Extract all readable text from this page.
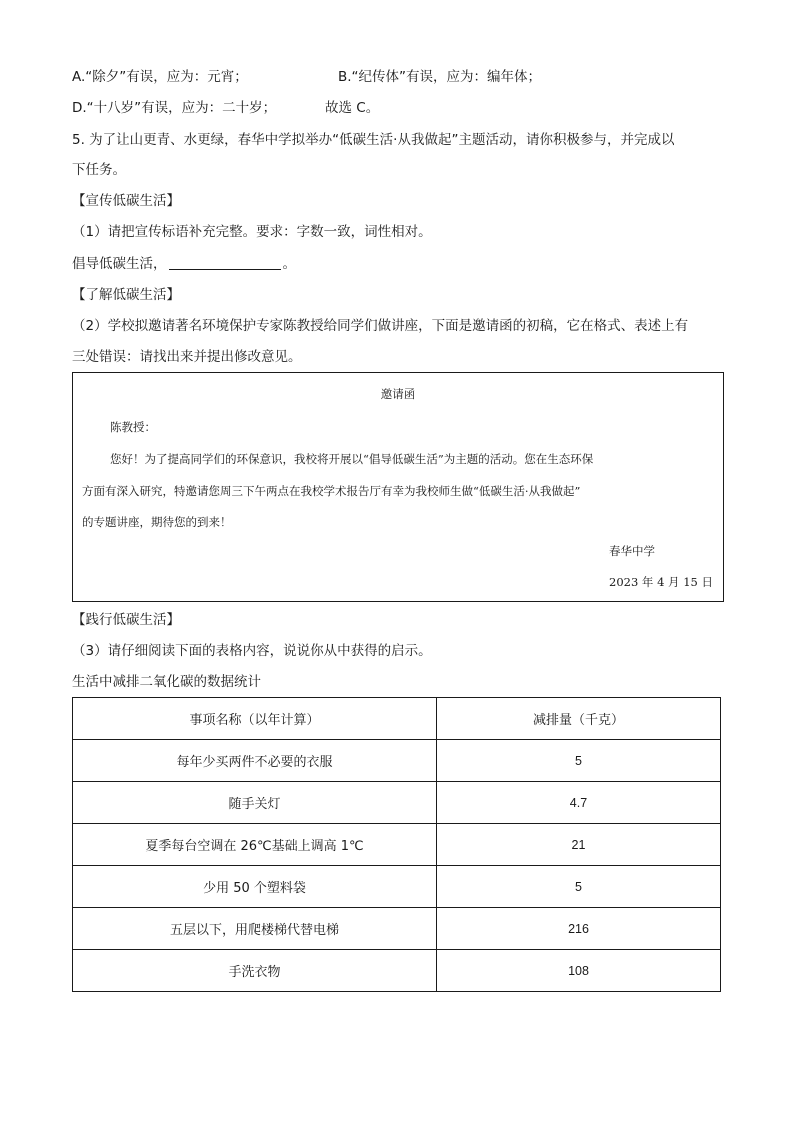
A.“除夕”有误，应为：元宵；	B.“纪传体”有误，应为：编年体；
D.“十八岁”有误，应为：二十岁；	故选 C。
5. 为了让山更青、水更绿，春华中学拟举办“低碳生活·从我做起”主题活动，请你积极参与，并完成以
下任务。
【宣传低碳生活】
（1）请把宣传标语补充完整。要求：字数一致，词性相对。
倡导低碳生活，	。
【了解低碳生活】
（2）学校拟邀请著名环境保护专家陈教授给同学们做讲座，下面是邀请函的初稿，它在格式、表述上有
三处错误：请找出来并提出修改意见。
邀请函
陈教授：
您好！为了提高同学们的环保意识，我校将开展以“倡导低碳生活”为主题的活动。您在生态环保
方面有深入研究，特邀请您周三下午两点在我校学术报告厅有幸为我校师生做“低碳生活·从我做起”
的专题讲座，期待您的到来！
春华中学
2023 年 4 月 15 日
【践行低碳生活】
（3）请仔细阅读下面的表格内容，说说你从中获得的启示。
生活中减排二氧化碳的数据统计
事项名称（以年计算）	减排量（千克）
每年少买两件不必要的衣服	5
随手关灯	4.7
夏季每台空调在 26℃基础上调高 1℃	21
少用 50 个塑料袋	5
五层以下，用爬楼梯代替电梯	216
手洗衣物	108
